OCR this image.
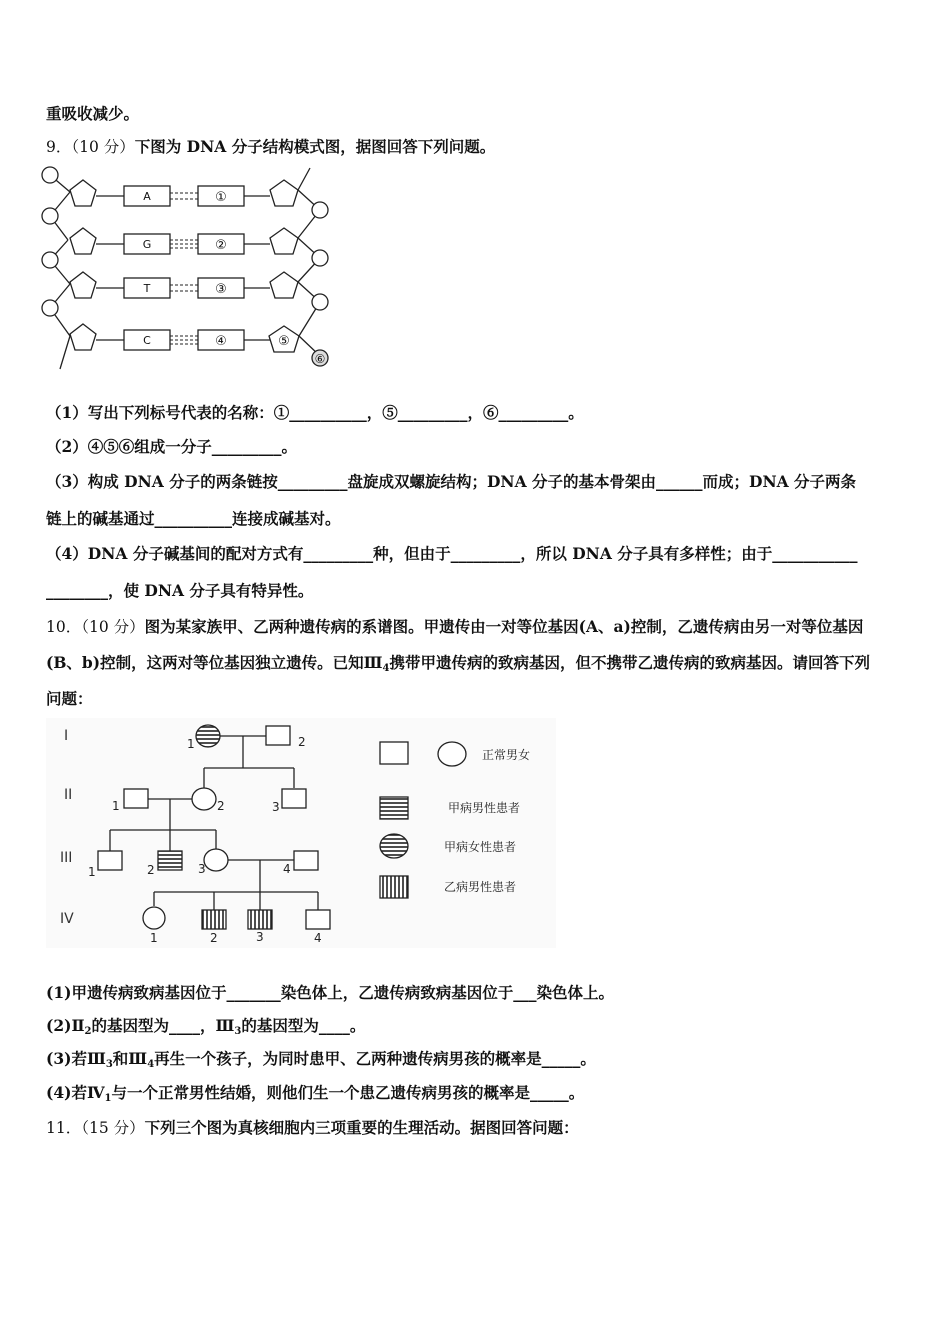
重吸收减少。
9．（10 分）下图为 DNA 分子结构模式图，据图回答下列问题。
A
G
T
C
①
②
③
④	⑤
⑥
（1）写出下列标号代表的名称：①__________，⑤_________，⑥_________。
（2）④⑤⑥组成一分子_________。
（3）构成 DNA 分子的两条链按_________盘旋成双螺旋结构；DNA 分子的基本骨架由______而成；DNA 分子两条
链上的碱基通过__________连接成碱基对。
（4）DNA 分子碱基间的配对方式有_________种，但由于_________，所以 DNA 分子具有多样性；由于___________
________，使 DNA 分子具有特异性。
10．（10 分）图为某家族甲、乙两种遗传病的系谱图。甲遗传由一对等位基因(A、a)控制，乙遗传病由另一对等位基因
(B、b)控制，这两对等位基因独立遗传。已知$Ⅲ_4$携带甲遗传病的致病基因，但不携带乙遗传病的致病基因。请回答下列
问题：
I
II
III
IV
1	2
1	2	3
1	2	3	4
1	2	3	4
正常男女
甲病男性患者
甲病女性患者
乙病男性患者
(1)甲遗传病致病基因位于_______染色体上，乙遗传病致病基因位于___染色体上。
$(2)Ⅱ_2$的基因型为____，$Ⅲ_3$的基因型为____。
(3)若$Ⅲ_3$和$Ⅲ_4$再生一个孩子，为同时患甲、乙两种遗传病男孩的概率是_____。
(4)若$Ⅳ_1$与一个正常男性结婚，则他们生一个患乙遗传病男孩的概率是_____。
11．（15 分）下列三个图为真核细胞内三项重要的生理活动。据图回答问题：
